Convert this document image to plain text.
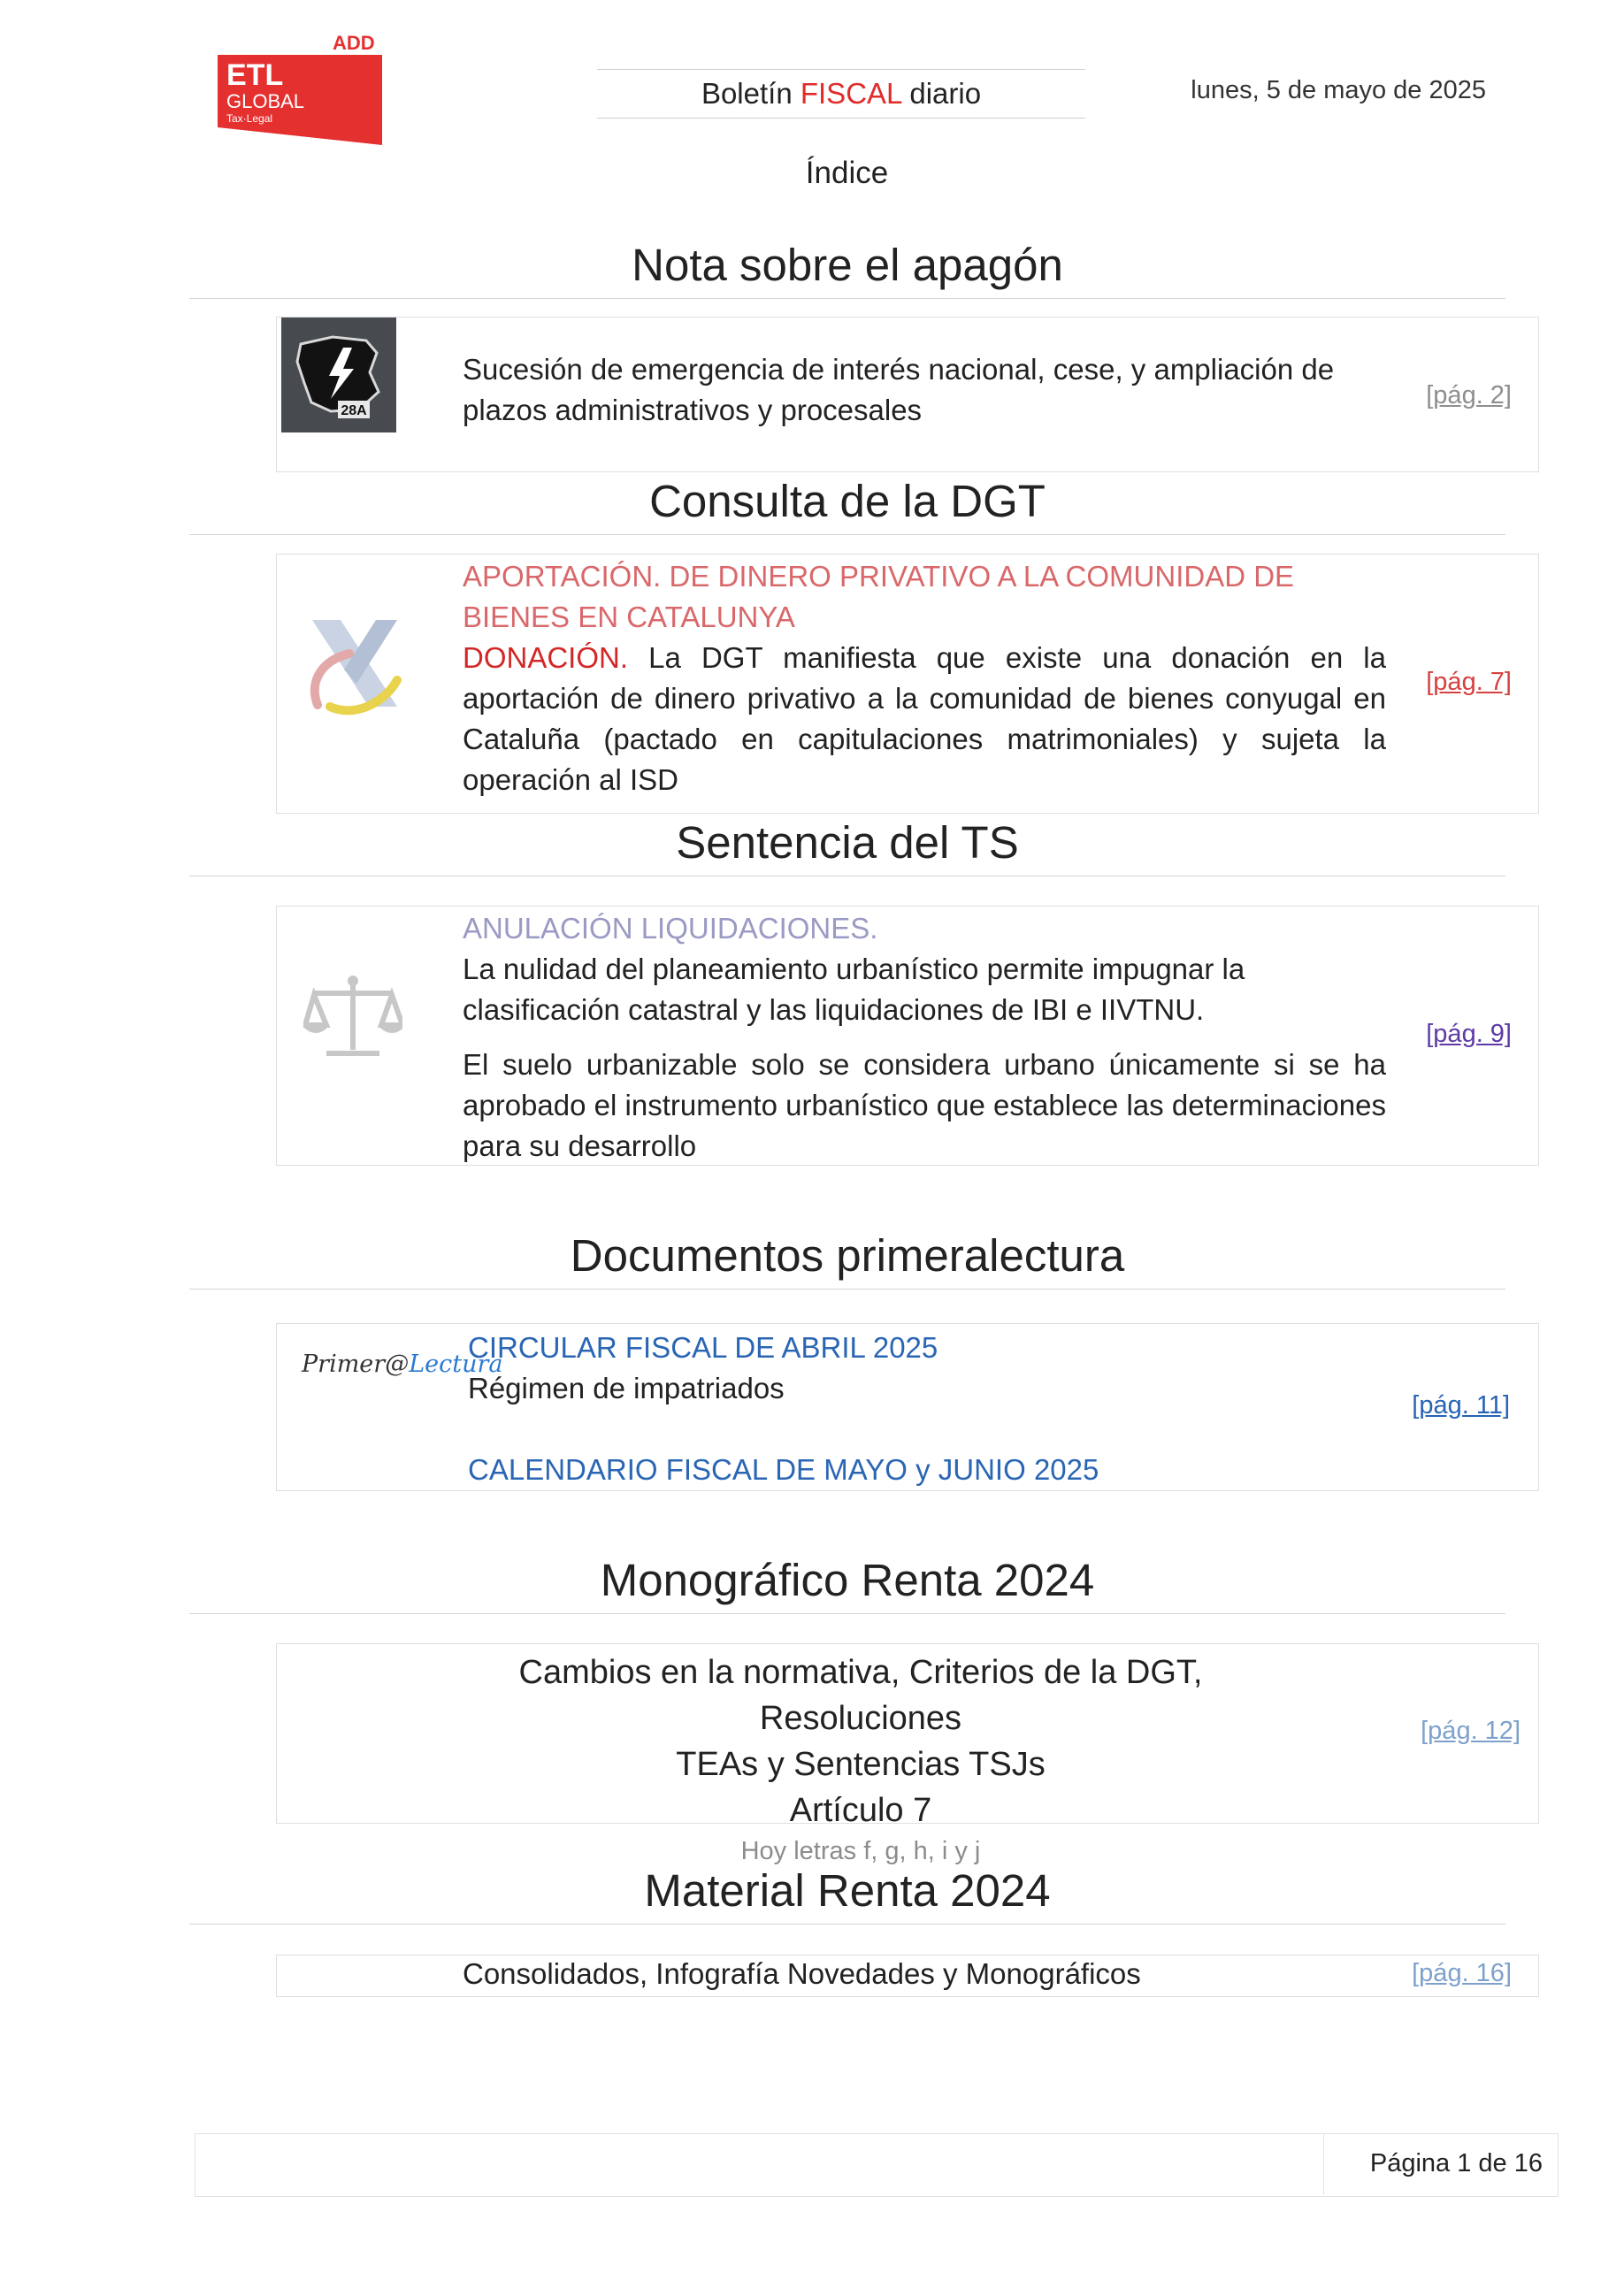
ADD
ETL
GLOBAL
Tax·Legal
Boletín FISCAL diario	lunes, 5 de mayo de 2025
Índice
Nota sobre el apagón
28A
Sucesión de emergencia de interés nacional, cese, y ampliación de
plazos administrativos y procesales	[pág. 2]
Consulta de la DGT
APORTACIÓN. DE DINERO PRIVATIVO A LA COMUNIDAD DE BIENES EN CATALUNYA
DONACIÓN. La DGT manifiesta que existe una donación en la aportación de dinero privativo a la comunidad de bienes conyugal en Cataluña (pactado en capitulaciones matrimoniales) y sujeta la operación al ISD
[pág. 7]
Sentencia del TS
ANULACIÓN LIQUIDACIONES.
La nulidad del planeamiento urbanístico permite impugnar la clasificación catastral y las liquidaciones de IBI e IIVTNU.
El suelo urbanizable solo se considera urbano únicamente si se ha aprobado el instrumento urbanístico que establece las determinaciones para su desarrollo
[pág. 9]
Documentos primeralectura
Primer@Lectura
CIRCULAR FISCAL DE ABRIL 2025
Régimen de impatriados
CALENDARIO FISCAL DE MAYO y JUNIO 2025
[pág. 11]
Monográfico Renta 2024
Cambios en la normativa, Criterios de la DGT, Resoluciones
TEAs y Sentencias TSJs
Artículo 7
Hoy letras f, g, h, i y j
[pág. 12]
Material Renta 2024
Consolidados, Infografía Novedades y Monográficos	[pág. 16]
Página 1 de 16
